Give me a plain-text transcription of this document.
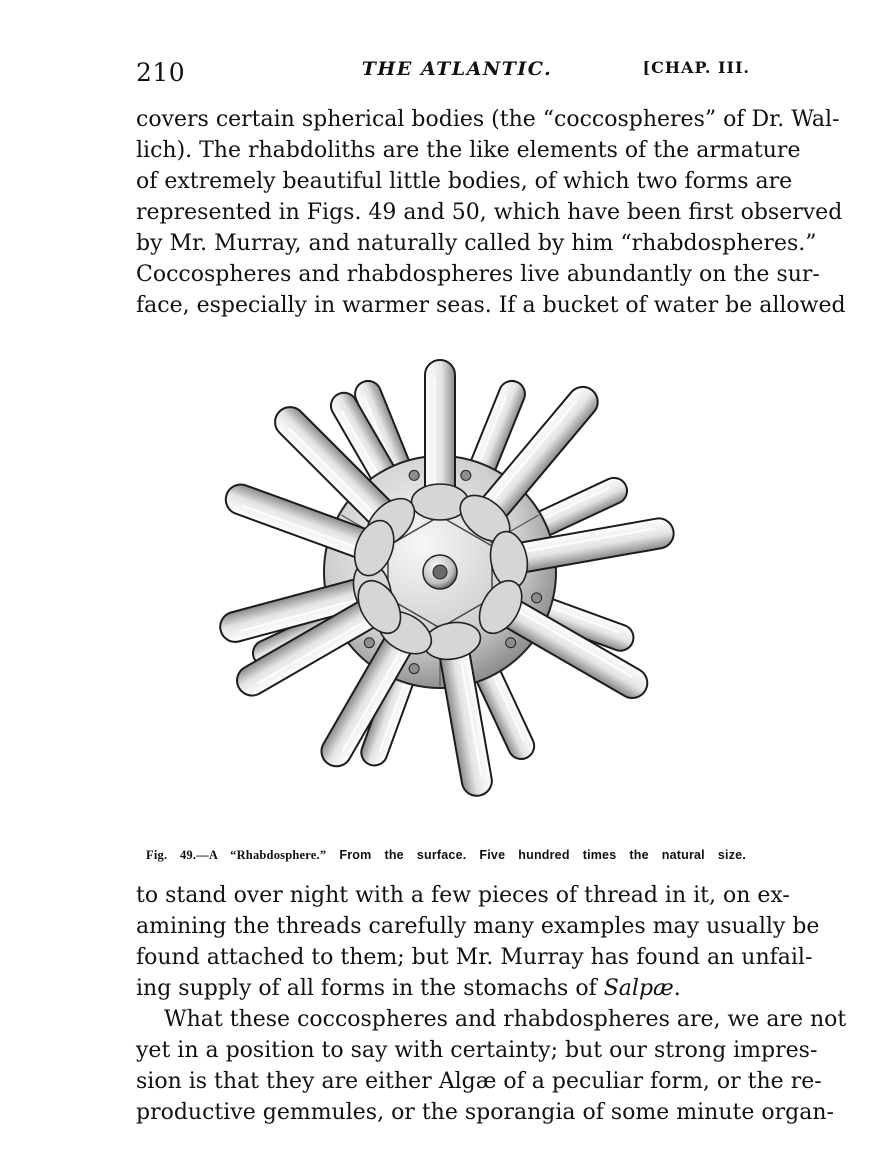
210	THE ATLANTIC.	[CHAP. III.
covers certain spherical bodies (the “coccospheres” of Dr. Wal-
lich). The rhabdoliths are the like elements of the armature
of extremely beautiful little bodies, of which two forms are
represented in Figs. 49 and 50, which have been first observed
by Mr. Murray, and naturally called by him “rhabdospheres.”
Coccospheres and rhabdospheres live abundantly on the sur-
face, especially in warmer seas. If a bucket of water be allowed
Fig. 49.—A “Rhabdosphere.” From the surface. Five hundred times the natural size.
to stand over night with a few pieces of thread in it, on ex-
amining the threads carefully many examples may usually be
found attached to them; but Mr. Murray has found an unfail-
ing supply of all forms in the stomachs of Salpæ.
What these coccospheres and rhabdospheres are, we are not
yet in a position to say with certainty; but our strong impres-
sion is that they are either Algæ of a peculiar form, or the re-
productive gemmules, or the sporangia of some minute organ-
